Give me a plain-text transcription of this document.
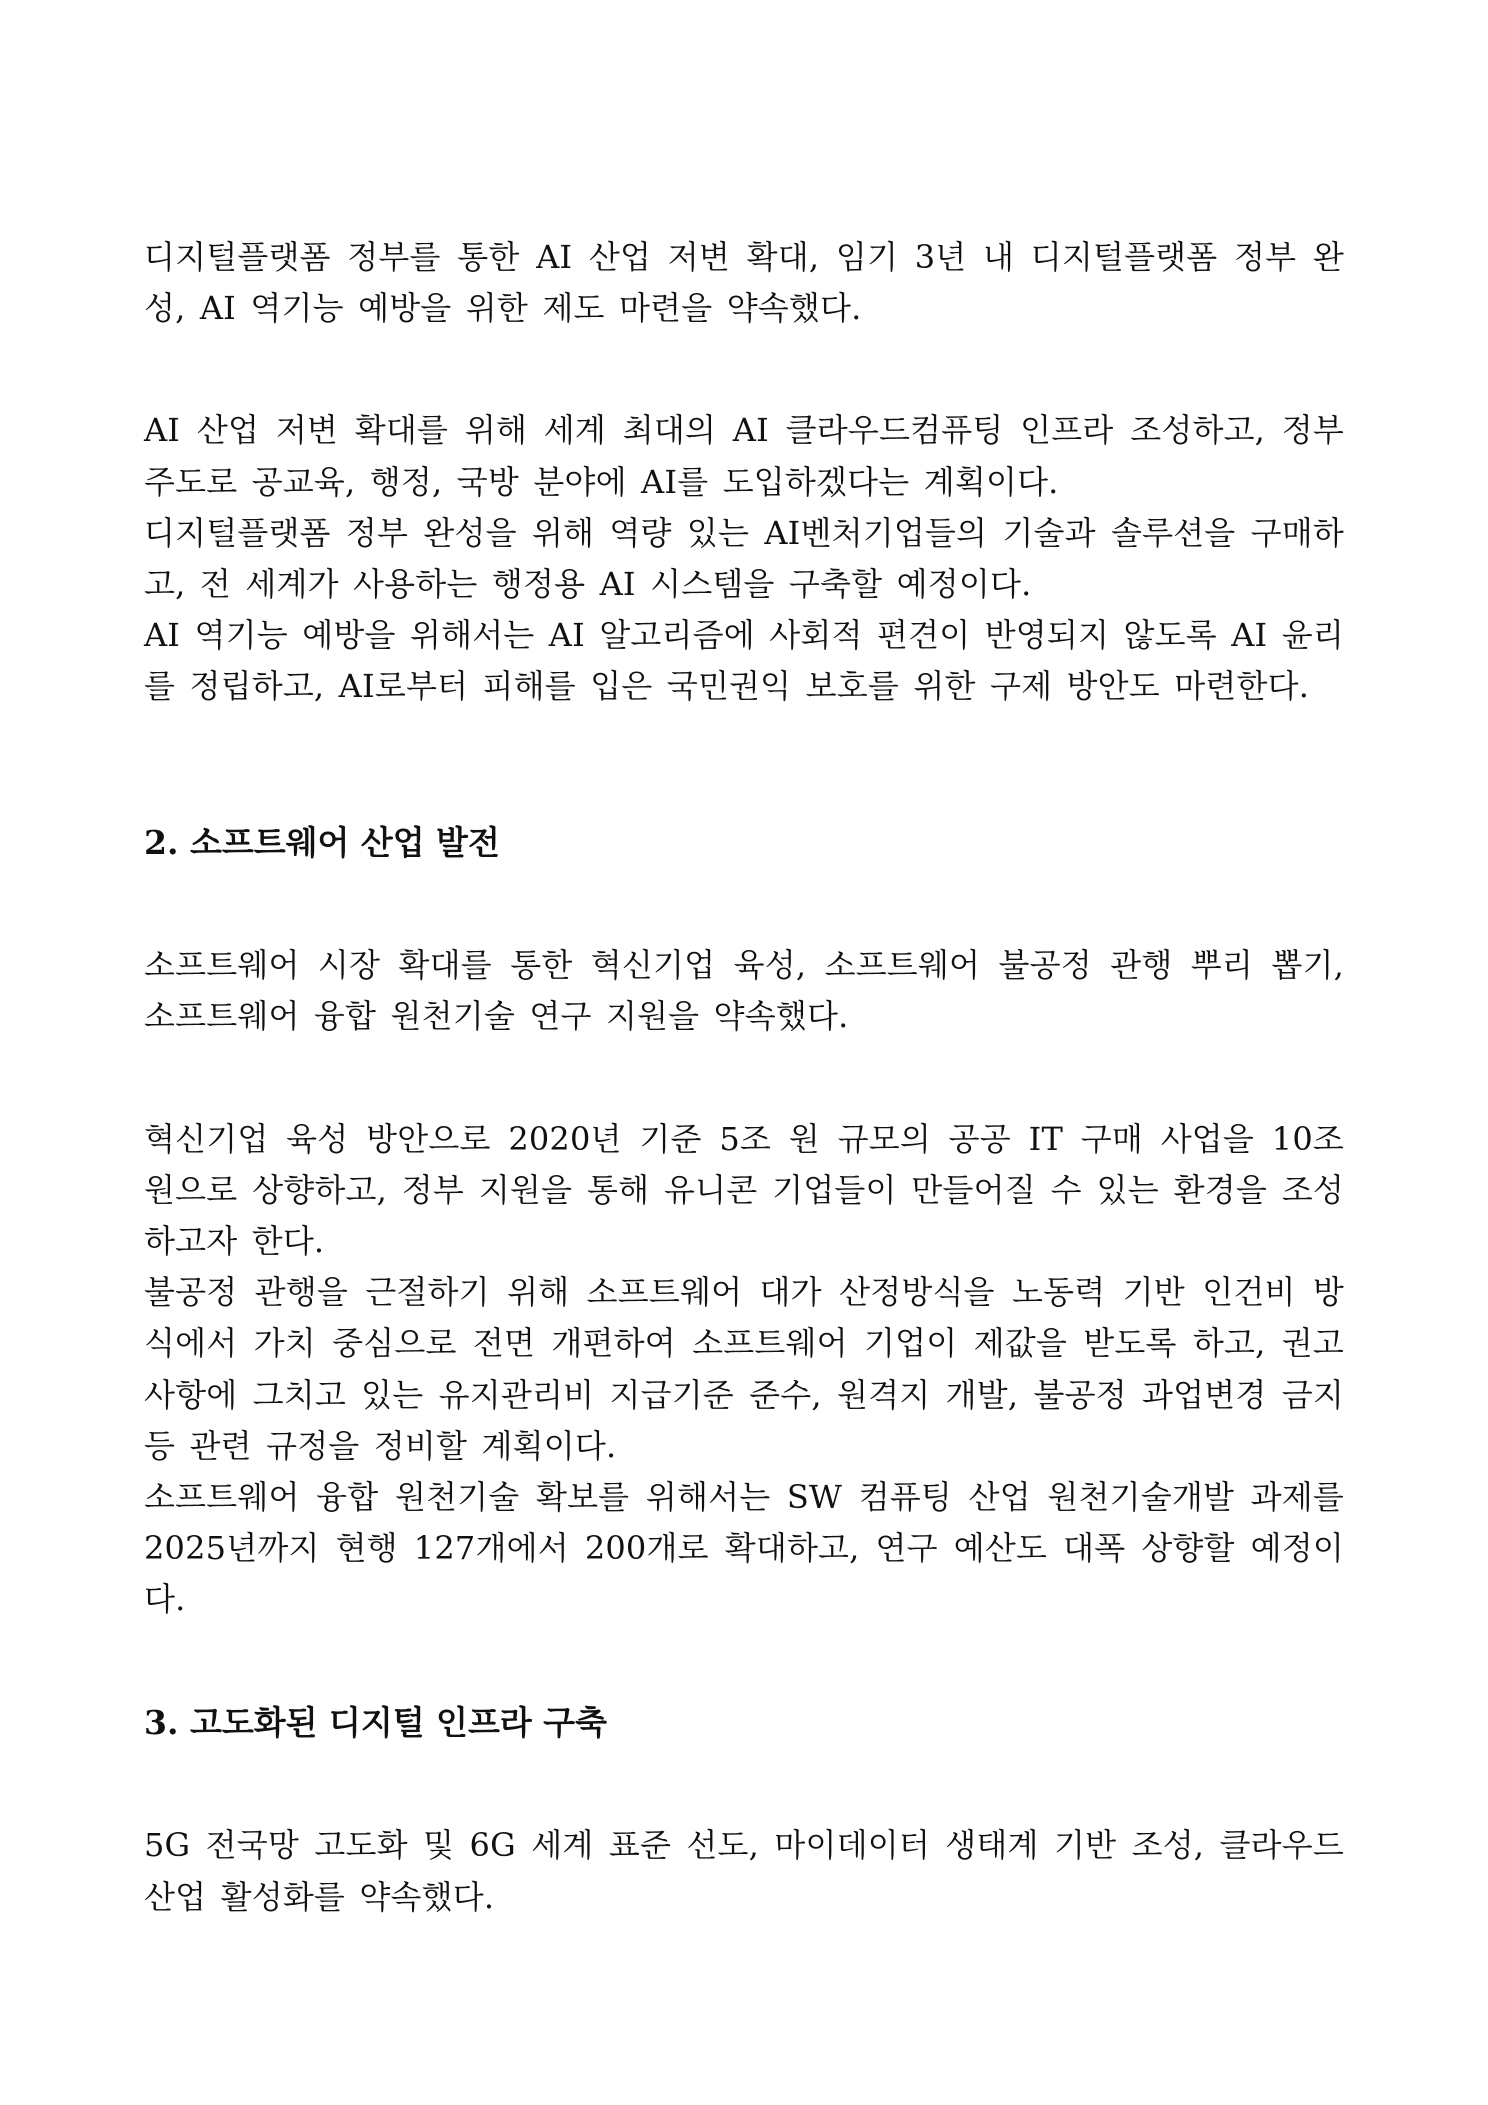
디지털플랫폼 정부를 통한 AI 산업 저변 확대, 임기 3년 내 디지털플랫폼 정부 완성, AI 역기능 예방을 위한 제도 마련을 약속했다.

AI 산업 저변 확대를 위해 세계 최대의 AI 클라우드컴퓨팅 인프라 조성하고, 정부 주도로 공교육, 행정, 국방 분야에 AI를 도입하겠다는 계획이다.

디지털플랫폼 정부 완성을 위해 역량 있는 AI벤처기업들의 기술과 솔루션을 구매하고, 전 세계가 사용하는 행정용 AI 시스템을 구축할 예정이다.

AI 역기능 예방을 위해서는 AI 알고리즘에 사회적 편견이 반영되지 않도록 AI 윤리를 정립하고, AI로부터 피해를 입은 국민권익 보호를 위한 구제 방안도 마련한다.

2. 소프트웨어 산업 발전

소프트웨어 시장 확대를 통한 혁신기업 육성, 소프트웨어 불공정 관행 뿌리 뽑기, 소프트웨어 융합 원천기술 연구 지원을 약속했다.

혁신기업 육성 방안으로 2020년 기준 5조 원 규모의 공공 IT 구매 사업을 10조 원으로 상향하고, 정부 지원을 통해 유니콘 기업들이 만들어질 수 있는 환경을 조성하고자 한다.

불공정 관행을 근절하기 위해 소프트웨어 대가 산정방식을 노동력 기반 인건비 방식에서 가치 중심으로 전면 개편하여 소프트웨어 기업이 제값을 받도록 하고, 권고사항에 그치고 있는 유지관리비 지급기준 준수, 원격지 개발, 불공정 과업변경 금지 등 관련 규정을 정비할 계획이다.

소프트웨어 융합 원천기술 확보를 위해서는 SW 컴퓨팅 산업 원천기술개발 과제를 2025년까지 현행 127개에서 200개로 확대하고, 연구 예산도 대폭 상향할 예정이다.

3. 고도화된 디지털 인프라 구축

5G 전국망 고도화 및 6G 세계 표준 선도, 마이데이터 생태계 기반 조성, 클라우드 산업 활성화를 약속했다.
